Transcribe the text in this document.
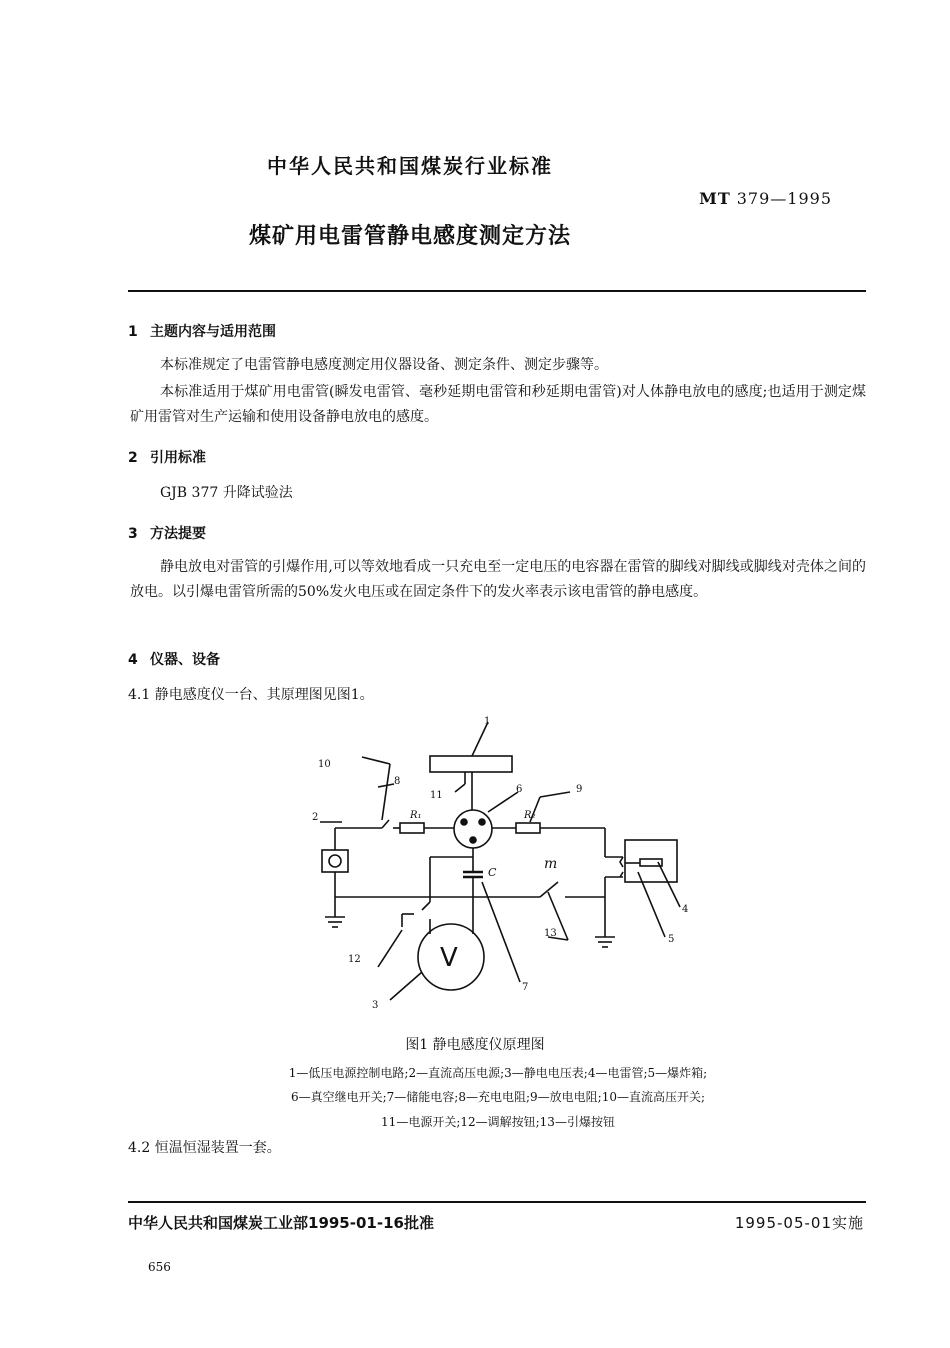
中华人民共和国煤炭行业标准
MT 379—1995
煤矿用电雷管静电感度测定方法
1 主题内容与适用范围
本标准规定了电雷管静电感度测定用仪器设备、测定条件、测定步骤等。
本标准适用于煤矿用电雷管(瞬发电雷管、毫秒延期电雷管和秒延期电雷管)对人体静电放电的感度;也适用于测定煤矿用雷管对生产运输和使用设备静电放电的感度。
2 引用标准
GJB 377 升降试验法
3 方法提要
静电放电对雷管的引爆作用,可以等效地看成一只充电至一定电压的电容器在雷管的脚线对脚线或脚线对壳体之间的放电。以引爆电雷管所需的50%发火电压或在固定条件下的发火率表示该电雷管的静电感度。
4 仪器、设备
4.1 静电感度仪一台、其原理图见图1。
1
2
3
4
5
6
7
8
9
10
11
12
13
R₁	R₂
C
m
V
图1 静电感度仪原理图
1—低压电源控制电路;2—直流高压电源;3—静电电压表;4—电雷管;5—爆炸箱;
6—真空继电开关;7—储能电容;8—充电电阻;9—放电电阻;10—直流高压开关;
11—电源开关;12—调解按钮;13—引爆按钮
4.2 恒温恒湿装置一套。
中华人民共和国煤炭工业部1995-01-16批准	1995-05-01实施
656
